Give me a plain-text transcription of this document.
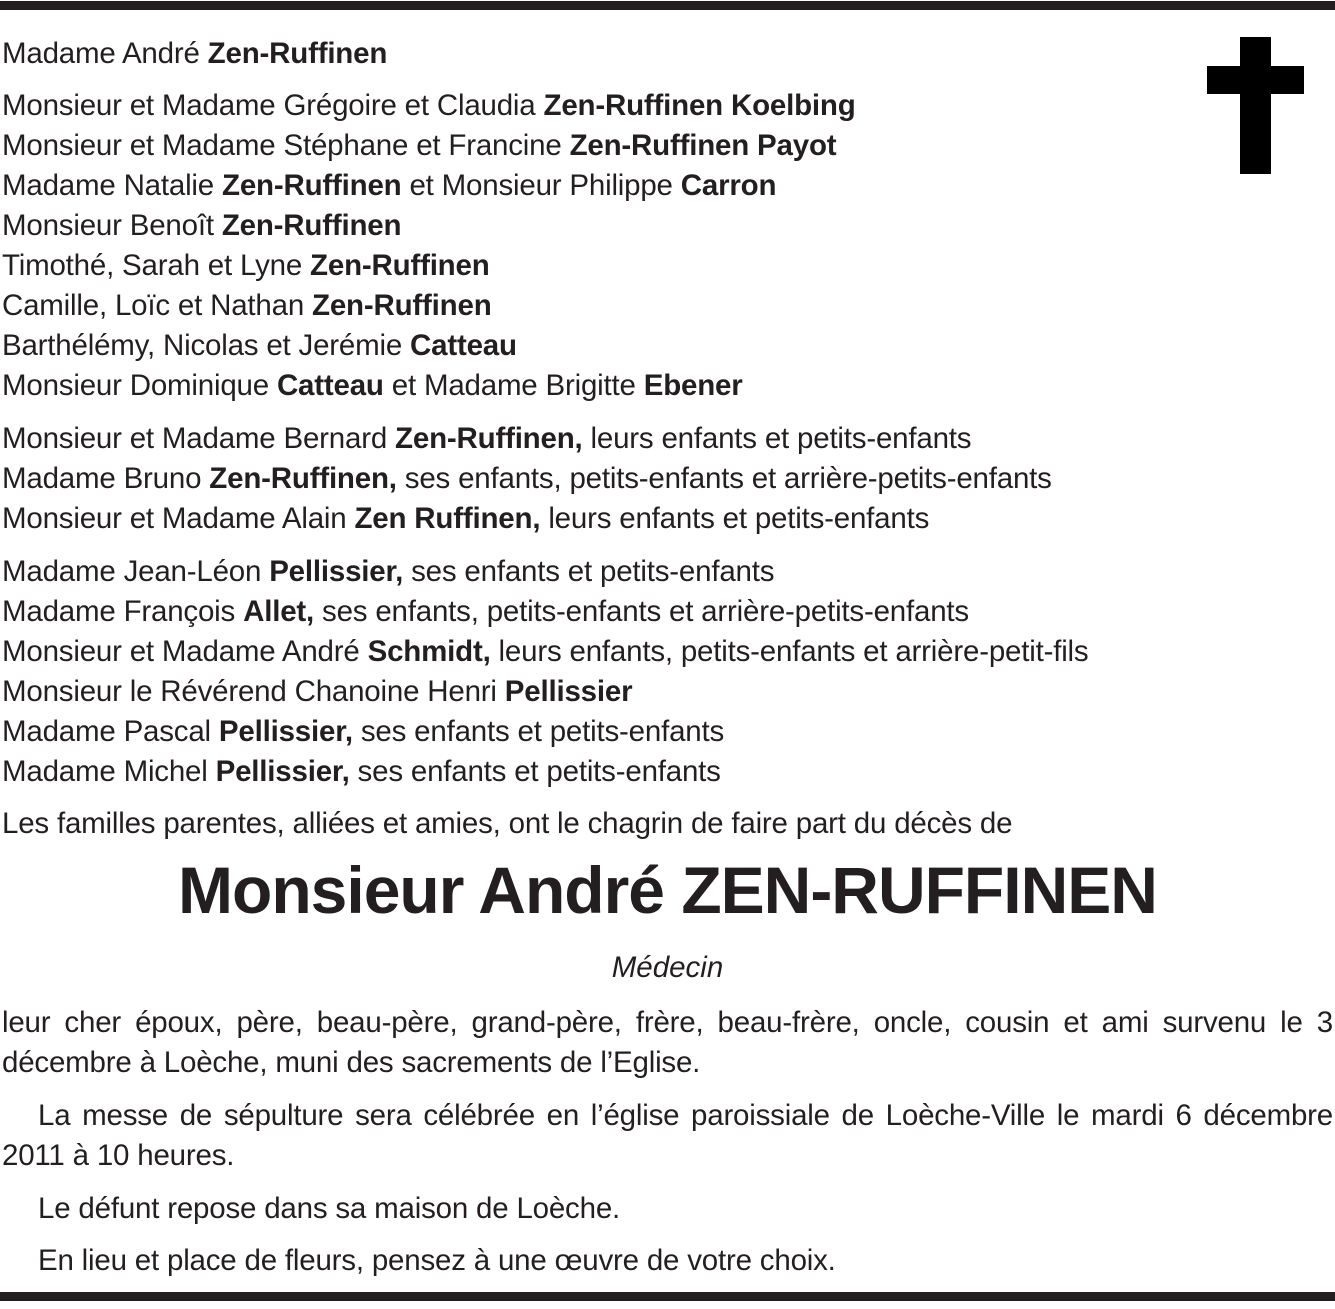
Madame André Zen-Ruffinen
Monsieur et Madame Grégoire et Claudia Zen-Ruffinen Koelbing
Monsieur et Madame Stéphane et Francine Zen-Ruffinen Payot
Madame Natalie Zen-Ruffinen et Monsieur Philippe Carron
Monsieur Benoît Zen-Ruffinen
Timothé, Sarah et Lyne Zen-Ruffinen
Camille, Loïc et Nathan Zen-Ruffinen
Barthélémy, Nicolas et Jerémie Catteau
Monsieur Dominique Catteau et Madame Brigitte Ebener
Monsieur et Madame Bernard Zen-Ruffinen, leurs enfants et petits-enfants
Madame Bruno Zen-Ruffinen, ses enfants, petits-enfants et arrière-petits-enfants
Monsieur et Madame Alain Zen Ruffinen, leurs enfants et petits-enfants
Madame Jean-Léon Pellissier, ses enfants et petits-enfants
Madame François Allet, ses enfants, petits-enfants et arrière-petits-enfants
Monsieur et Madame André Schmidt, leurs enfants, petits-enfants et arrière-petit-fils
Monsieur le Révérend Chanoine Henri Pellissier
Madame Pascal Pellissier, ses enfants et petits-enfants
Madame Michel Pellissier, ses enfants et petits-enfants
Les familles parentes, alliées et amies, ont le chagrin de faire part du décès de
Monsieur André ZEN-RUFFINEN
Médecin

leur cher époux, père, beau-père, grand-père, frère, beau-frère, oncle, cousin et ami survenu le 3 décembre à Loèche, muni des sacrements de l’Eglise.

La messe de sépulture sera célébrée en l’église paroissiale de Loèche-Ville le mardi 6 décembre 2011 à 10 heures.

Le défunt repose dans sa maison de Loèche.

En lieu et place de fleurs, pensez à une œuvre de votre choix.
